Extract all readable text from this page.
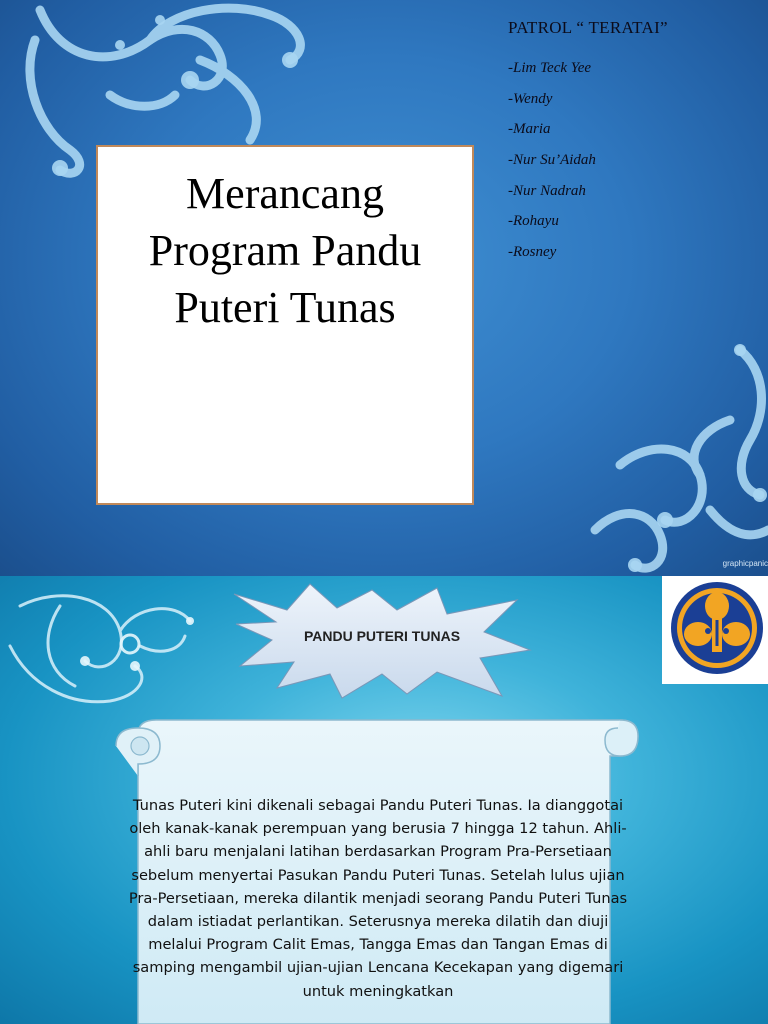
Merancang
Program Pandu
Puteri Tunas
PATROL “ TERATAI”
-Lim Teck Yee
-Wendy
-Maria
-Nur Su’Aidah
-Nur Nadrah
-Rohayu
-Rosney
graphicpanic
PANDU PUTERI TUNAS
Tunas Puteri kini dikenali sebagai Pandu Puteri Tunas. Ia dianggotai oleh kanak-kanak perempuan yang berusia 7 hingga 12 tahun. Ahli-ahli baru menjalani latihan berdasarkan Program Pra-Persetiaan sebelum menyertai Pasukan Pandu Puteri Tunas. Setelah lulus ujian Pra-Persetiaan, mereka dilantik menjadi seorang Pandu Puteri Tunas dalam istiadat perlantikan. Seterusnya mereka dilatih dan diuji melalui Program Calit Emas, Tangga Emas dan Tangan Emas di samping mengambil ujian-ujian Lencana Kecekapan yang digemari untuk meningkatkan
